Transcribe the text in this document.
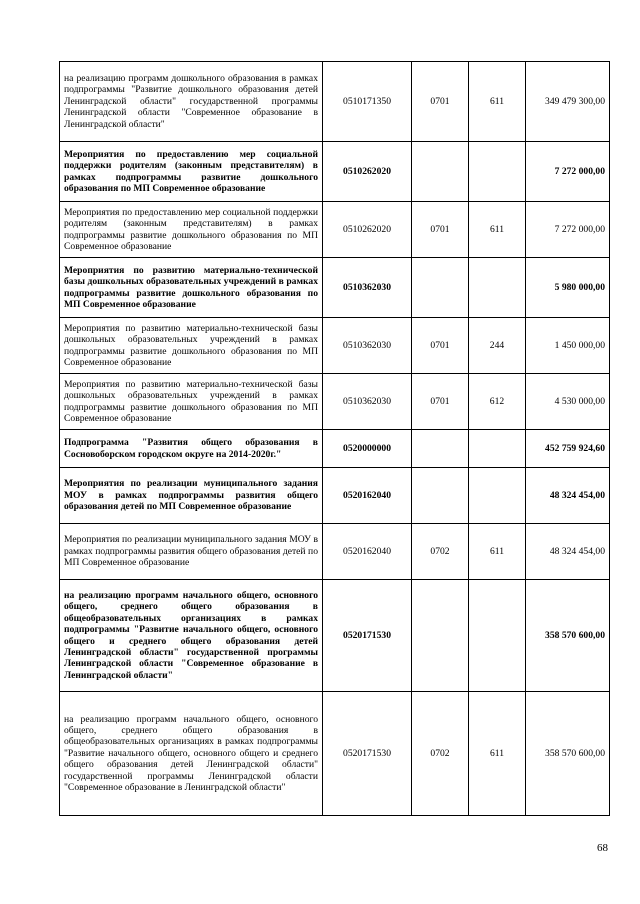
на реализацию программ дошкольного образования в рамках подпрограммы "Развитие дошкольного образования детей Ленинградской области" государственной программы Ленинградской области "Современное образование в Ленинградской области"	0510171350	0701	611	349 479 300,00
Мероприятия по предоставлению мер социальной поддержки родителям (законным представителям) в рамках подпрограммы развитие дошкольного образования по МП Современное образование	0510262020			7 272 000,00
Мероприятия по предоставлению мер социальной поддержки родителям (законным представителям) в рамках подпрограммы развитие дошкольного образования по МП Современное образование	0510262020	0701	611	7 272 000,00
Мероприятия по развитию материально-технической базы дошкольных образовательных учреждений в рамках подпрограммы развитие дошкольного образования по МП Современное образование	0510362030			5 980 000,00
Мероприятия по развитию материально-технической базы дошкольных образовательных учреждений в рамках подпрограммы развитие дошкольного образования по МП Современное образование	0510362030	0701	244	1 450 000,00
Мероприятия по развитию материально-технической базы дошкольных образовательных учреждений в рамках подпрограммы развитие дошкольного образования по МП Современное образование	0510362030	0701	612	4 530 000,00
Подпрограмма "Развития общего образования в Сосновоборском городском округе на 2014-2020г."	0520000000			452 759 924,60
Мероприятия по реализации муниципального задания МОУ в рамках подпрограммы развития общего образования детей по МП Современное образование	0520162040			48 324 454,00
Мероприятия по реализации муниципального задания МОУ в рамках подпрограммы развития общего образования детей по МП Современное образование	0520162040	0702	611	48 324 454,00
на реализацию программ начального общего, основного общего, среднего общего образования в общеобразовательных организациях в рамках подпрограммы "Развитие начального общего, основного общего и среднего общего образования детей Ленинградской области" государственной программы Ленинградской области "Современное образование в Ленинградской области"	0520171530			358 570 600,00
на реализацию программ начального общего, основного общего, среднего общего образования в общеобразовательных организациях в рамках подпрограммы "Развитие начального общего, основного общего и среднего общего образования детей Ленинградской области" государственной программы Ленинградской области "Современное образование в Ленинградской области"	0520171530	0702	611	358 570 600,00
68
